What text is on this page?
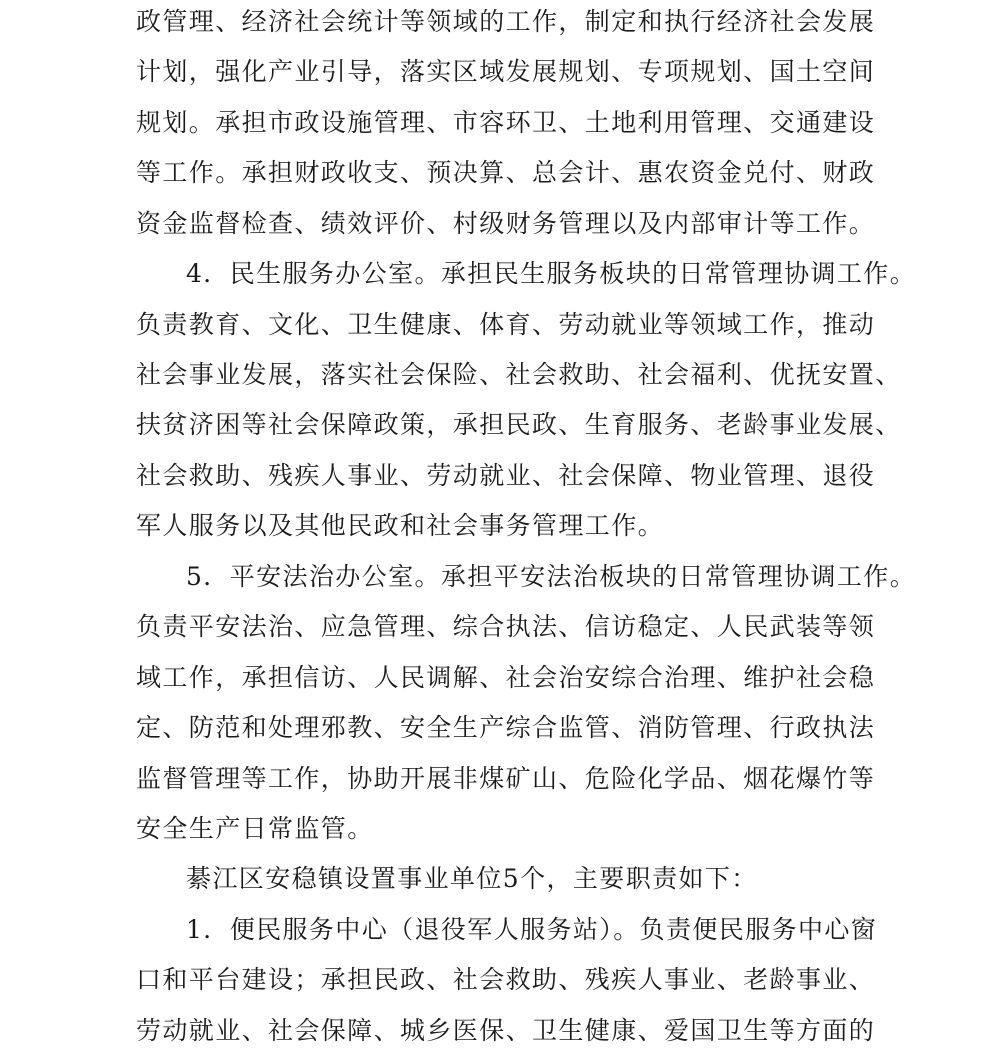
政管理、经济社会统计等领域的工作，制定和执行经济社会发展
计划，强化产业引导，落实区域发展规划、专项规划、国土空间
规划。承担市政设施管理、市容环卫、土地利用管理、交通建设
等工作。承担财政收支、预决算、总会计、惠农资金兑付、财政
资金监督检查、绩效评价、村级财务管理以及内部审计等工作。
4．民生服务办公室。承担民生服务板块的日常管理协调工作。
负责教育、文化、卫生健康、体育、劳动就业等领域工作，推动
社会事业发展，落实社会保险、社会救助、社会福利、优抚安置、
扶贫济困等社会保障政策，承担民政、生育服务、老龄事业发展、
社会救助、残疾人事业、劳动就业、社会保障、物业管理、退役
军人服务以及其他民政和社会事务管理工作。
5．平安法治办公室。承担平安法治板块的日常管理协调工作。
负责平安法治、应急管理、综合执法、信访稳定、人民武装等领
域工作，承担信访、人民调解、社会治安综合治理、维护社会稳
定、防范和处理邪教、安全生产综合监管、消防管理、行政执法
监督管理等工作，协助开展非煤矿山、危险化学品、烟花爆竹等
安全生产日常监管。
綦江区安稳镇设置事业单位5个，主要职责如下：
1．便民服务中心（退役军人服务站）。负责便民服务中心窗
口和平台建设；承担民政、社会救助、残疾人事业、老龄事业、
劳动就业、社会保障、城乡医保、卫生健康、爱国卫生等方面的
